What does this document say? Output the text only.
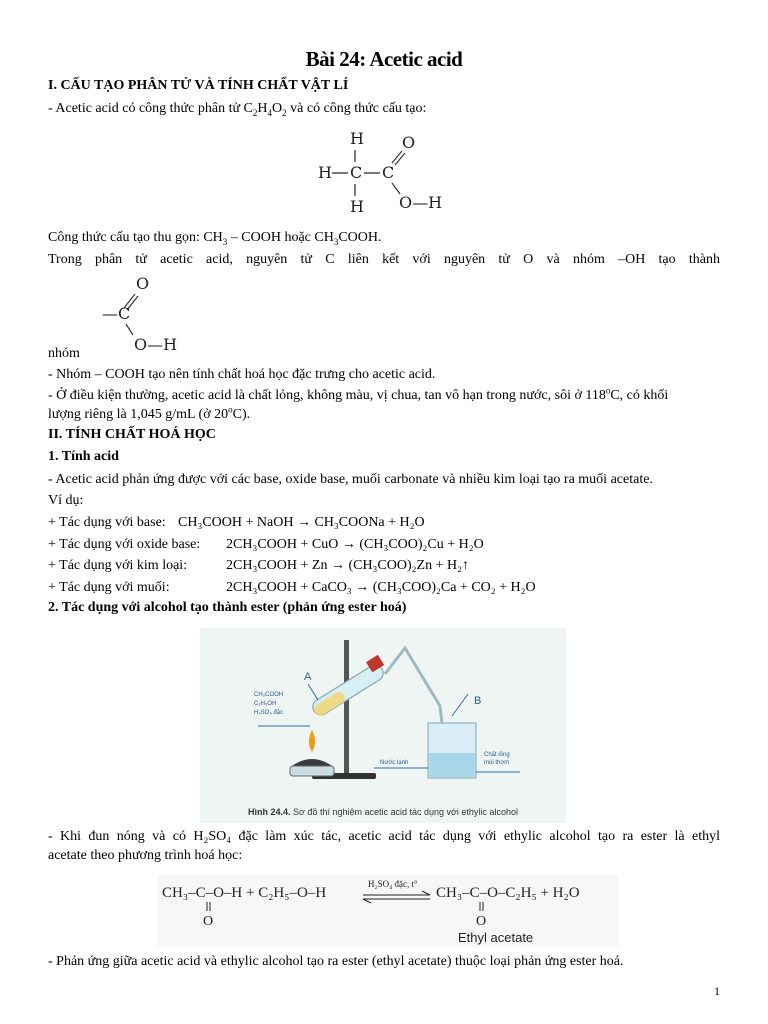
Bài 24: Acetic acid
I. CẤU TẠO PHÂN TỬ VÀ TÍNH CHẤT VẬT LÍ
- Acetic acid có công thức phân tử $C_2H_4O_2$ và có công thức cấu tạo:
H
H C C
H
O
O—H
Công thức cấu tạo thu gọn: $CH_3$ – COOH hoặc $CH_3COOH$.
Trong phân tử acetic acid, nguyên tử C liên kết với nguyên tử O và nhóm –OH tạo thành
O
—C
O—H
nhóm
- Nhóm – COOH tạo nên tính chất hoá học đặc trưng cho acetic acid.
- Ở điều kiện thường, acetic acid là chất lỏng, không màu, vị chua, tan vô hạn trong nước, sôi ở 118$^o$C, có khối
lượng riêng là 1,045 g/mL (ở 20$^o$C).
II. TÍNH CHẤT HOÁ HỌC
1. Tính acid
- Acetic acid phản ứng được với các base, oxide base, muối carbonate và nhiều kim loại tạo ra muối acetate.
Ví dụ:
+ Tác dụng với base: CH₃COOH + NaOH → CH₃COONa + H₂O
+ Tác dụng với oxide base: 2CH₃COOH + CuO → (CH₃COO)₂Cu + H₂O
+ Tác dụng với kim loại:	2CH₃COOH + Zn → (CH₃COO)₂Zn + H₂↑
+ Tác dụng với muối:	2CH₃COOH + CaCO₃ → (CH₃COO)₂Ca + CO₂ + H₂O
2. Tác dụng với alcohol tạo thành ester (phản ứng ester hoá)
A
B
CH₃COOH
C₂H₅OH
H₂SO₄ đặc
Nước lạnh
Chất lỏng
mùi thơm
Hình 24.4. Sơ đồ thí nghiệm acetic acid tác dụng với ethylic alcohol
- Khi đun nóng và có H₂SO₄ đặc làm xúc tác, acetic acid tác dụng với ethylic alcohol tạo ra ester là ethyl
acetate theo phương trình hoá học:
CH₃–C–O–H + C₂H₅–O–H
H₂SO₄ đặc, t°
CH₃–C–O–C₂H₅ + H₂O
O	O
Ethyl acetate
- Phản ứng giữa acetic acid và ethylic alcohol tạo ra ester (ethyl acetate) thuộc loại phản ứng ester hoá.
1
